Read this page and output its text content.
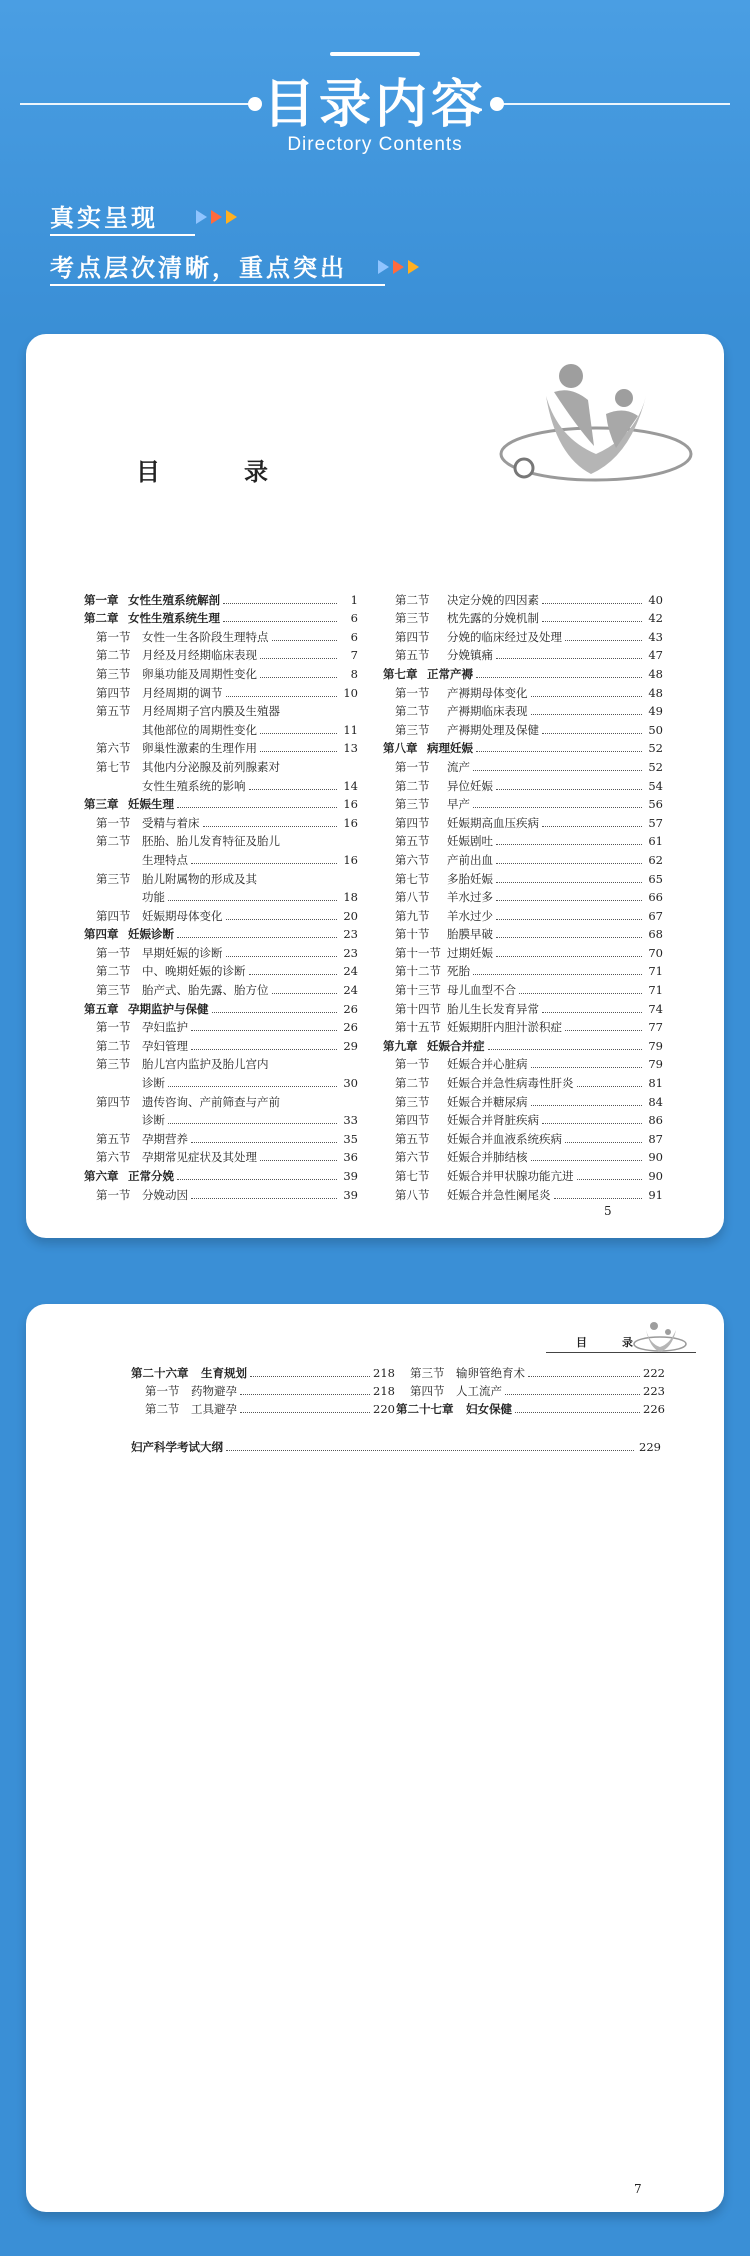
目录内容
Directory Contents
真实呈现
考点层次清晰，重点突出
目　录
第一章 女性生殖系统解剖	1
第二章 女性生殖系统生理	6
第一节	女性一生各阶段生理特点	6
第二节	月经及月经期临床表现	7
第三节	卵巢功能及周期性变化	8
第四节	月经周期的调节	10
第五节	月经周期子宫内膜及生殖器
其他部位的周期性变化	11
第六节	卵巢性激素的生理作用	13
第七节	其他内分泌腺及前列腺素对
女性生殖系统的影响	14
第三章 妊娠生理	16
第一节	受精与着床	16
第二节	胚胎、胎儿发育特征及胎儿
生理特点	16
第三节	胎儿附属物的形成及其
功能	18
第四节	妊娠期母体变化	20
第四章 妊娠诊断	23
第一节	早期妊娠的诊断	23
第二节	中、晚期妊娠的诊断	24
第三节	胎产式、胎先露、胎方位	24
第五章 孕期监护与保健	26
第一节	孕妇监护	26
第二节	孕妇管理	29
第三节	胎儿宫内监护及胎儿宫内
诊断	30
第四节	遗传咨询、产前筛查与产前
诊断	33
第五节	孕期营养	35
第六节	孕期常见症状及其处理	36
第六章 正常分娩	39
第一节	分娩动因	39
第二节	决定分娩的四因素	40
第三节	枕先露的分娩机制	42
第四节	分娩的临床经过及处理	43
第五节	分娩镇痛	47
第七章 正常产褥	48
第一节	产褥期母体变化	48
第二节	产褥期临床表现	49
第三节	产褥期处理及保健	50
第八章 病理妊娠	52
第一节	流产	52
第二节	异位妊娠	54
第三节	早产	56
第四节	妊娠期高血压疾病	57
第五节	妊娠剧吐	61
第六节	产前出血	62
第七节	多胎妊娠	65
第八节	羊水过多	66
第九节	羊水过少	67
第十节	胎膜早破	68
第十一节 过期妊娠	70
第十二节 死胎	71
第十三节 母儿血型不合	71
第十四节 胎儿生长发育异常	74
第十五节 妊娠期肝内胆汁淤积症	77
第九章 妊娠合并症	79
第一节	妊娠合并心脏病	79
第二节	妊娠合并急性病毒性肝炎	81
第三节	妊娠合并糖尿病	84
第四节	妊娠合并肾脏疾病	86
第五节	妊娠合并血液系统疾病	87
第六节	妊娠合并肺结核	90
第七节	妊娠合并甲状腺功能亢进	90
第八节	妊娠合并急性阑尾炎	91
5
目　录
第二十六章	生育规划	218
第一节	药物避孕	218
第二节	工具避孕	220
第三节	输卵管绝育术	222
第四节	人工流产	223
第二十七章	妇女保健	226
妇产科学考试大纲	229
7
